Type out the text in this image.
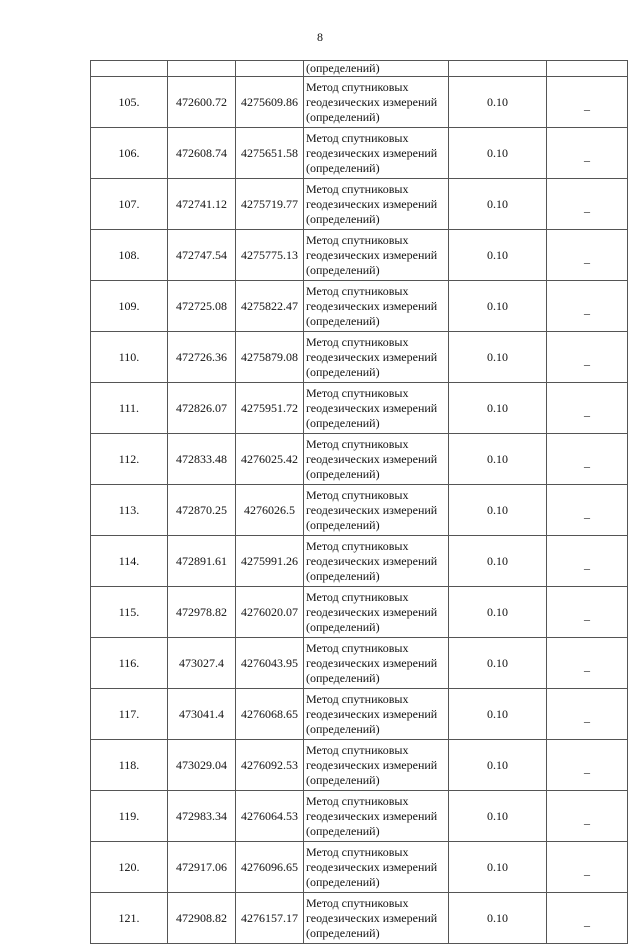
8

			(определений)		

105.	472600.72	4275609.86	Метод спутниковых
геодезических измерений
(определений)	0.10	_
106.	472608.74	4275651.58	Метод спутниковых
геодезических измерений
(определений)	0.10	_
107.	472741.12	4275719.77	Метод спутниковых
геодезических измерений
(определений)	0.10	_
108.	472747.54	4275775.13	Метод спутниковых
геодезических измерений
(определений)	0.10	_
109.	472725.08	4275822.47	Метод спутниковых
геодезических измерений
(определений)	0.10	_
110.	472726.36	4275879.08	Метод спутниковых
геодезических измерений
(определений)	0.10	_
111.	472826.07	4275951.72	Метод спутниковых
геодезических измерений
(определений)	0.10	_
112.	472833.48	4276025.42	Метод спутниковых
геодезических измерений
(определений)	0.10	_
113.	472870.25	4276026.5	Метод спутниковых
геодезических измерений
(определений)	0.10	_
114.	472891.61	4275991.26	Метод спутниковых
геодезических измерений
(определений)	0.10	_
115.	472978.82	4276020.07	Метод спутниковых
геодезических измерений
(определений)	0.10	_
116.	473027.4	4276043.95	Метод спутниковых
геодезических измерений
(определений)	0.10	_
117.	473041.4	4276068.65	Метод спутниковых
геодезических измерений
(определений)	0.10	_
118.	473029.04	4276092.53	Метод спутниковых
геодезических измерений
(определений)	0.10	_
119.	472983.34	4276064.53	Метод спутниковых
геодезических измерений
(определений)	0.10	_
120.	472917.06	4276096.65	Метод спутниковых
геодезических измерений
(определений)	0.10	_
121.	472908.82	4276157.17	Метод спутниковых
геодезических измерений
(определений)	0.10	_
